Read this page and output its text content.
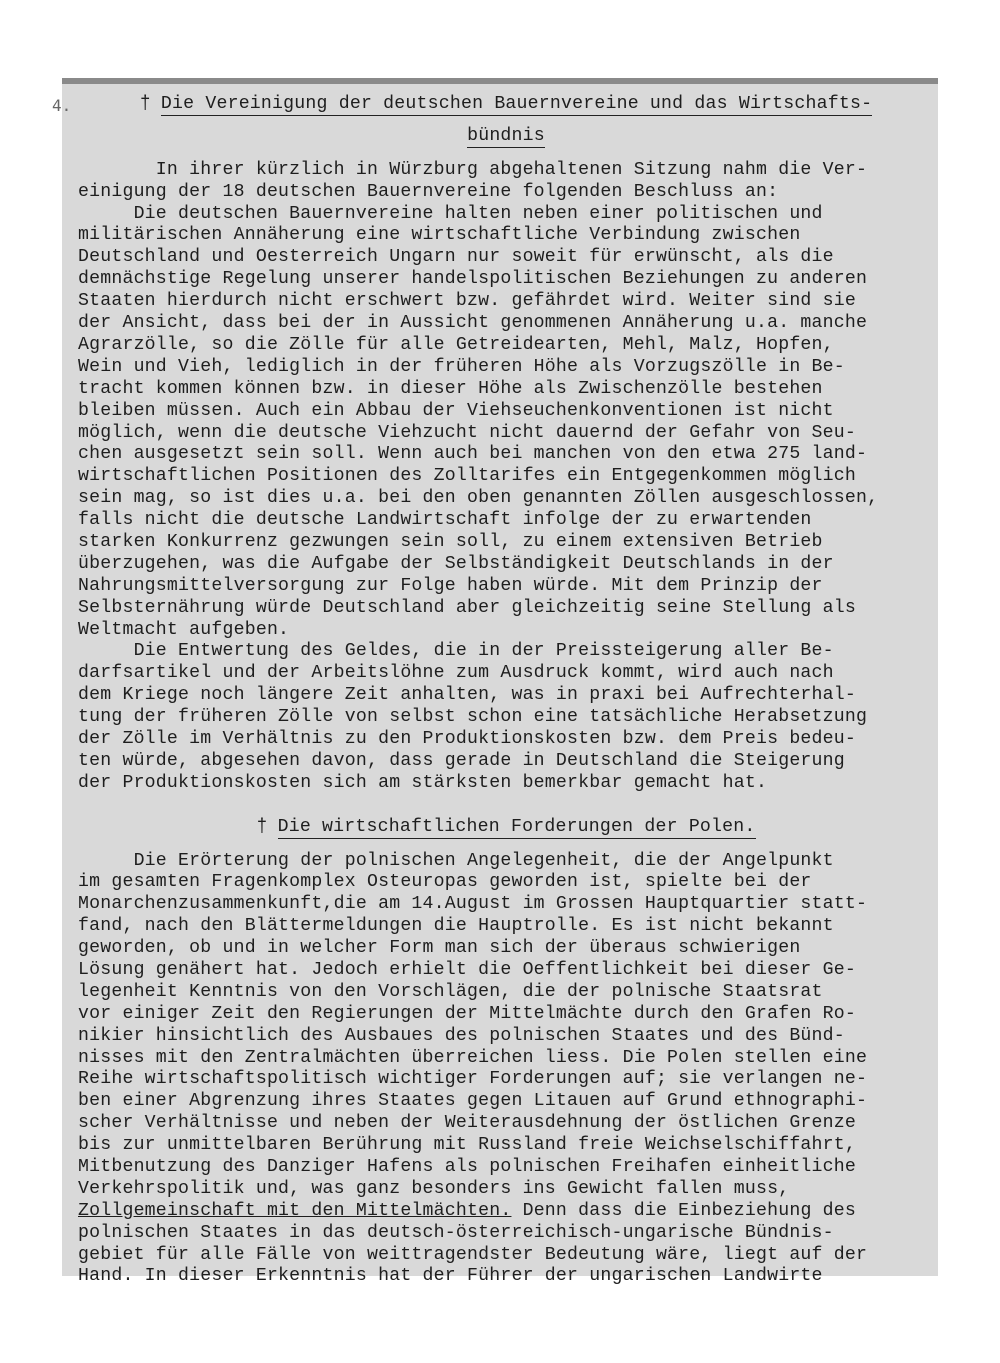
4.	† Die Vereinigung der deutschen Bauernvereine und das Wirtschafts-
bündnis
In ihrer kürzlich in Würzburg abgehaltenen Sitzung nahm die Ver-
einigung der 18 deutschen Bauernvereine folgenden Beschluss an:
Die deutschen Bauernvereine halten neben einer politischen und
militärischen Annäherung eine wirtschaftliche Verbindung zwischen
Deutschland und Oesterreich Ungarn nur soweit für erwünscht, als die
demnächstige Regelung unserer handelspolitischen Beziehungen zu anderen
Staaten hierdurch nicht erschwert bzw. gefährdet wird. Weiter sind sie
der Ansicht, dass bei der in Aussicht genommenen Annäherung u.a. manche
Agrarzölle, so die Zölle für alle Getreidearten, Mehl, Malz, Hopfen,
Wein und Vieh, lediglich in der früheren Höhe als Vorzugszölle in Be-
tracht kommen können bzw. in dieser Höhe als Zwischenzölle bestehen
bleiben müssen. Auch ein Abbau der Viehseuchenkonventionen ist nicht
möglich, wenn die deutsche Viehzucht nicht dauernd der Gefahr von Seu-
chen ausgesetzt sein soll. Wenn auch bei manchen von den etwa 275 land-
wirtschaftlichen Positionen des Zolltarifes ein Entgegenkommen möglich
sein mag, so ist dies u.a. bei den oben genannten Zöllen ausgeschlossen,
falls nicht die deutsche Landwirtschaft infolge der zu erwartenden
starken Konkurrenz gezwungen sein soll, zu einem extensiven Betrieb
überzugehen, was die Aufgabe der Selbständigkeit Deutschlands in der
Nahrungsmittelversorgung zur Folge haben würde. Mit dem Prinzip der
Selbsternährung würde Deutschland aber gleichzeitig seine Stellung als
Weltmacht aufgeben.
Die Entwertung des Geldes, die in der Preissteigerung aller Be-
darfsartikel und der Arbeitslöhne zum Ausdruck kommt, wird auch nach
dem Kriege noch längere Zeit anhalten, was in praxi bei Aufrechterhal-
tung der früheren Zölle von selbst schon eine tatsächliche Herabsetzung
der Zölle im Verhältnis zu den Produktionskosten bzw. dem Preis bedeu-
ten würde, abgesehen davon, dass gerade in Deutschland die Steigerung
der Produktionskosten sich am stärksten bemerkbar gemacht hat.
† Die wirtschaftlichen Forderungen der Polen.
Die Erörterung der polnischen Angelegenheit, die der Angelpunkt
im gesamten Fragenkomplex Osteuropas geworden ist, spielte bei der
Monarchenzusammenkunft,die am 14.August im Grossen Hauptquartier statt-
fand, nach den Blättermeldungen die Hauptrolle. Es ist nicht bekannt
geworden, ob und in welcher Form man sich der überaus schwierigen
Lösung genähert hat. Jedoch erhielt die Oeffentlichkeit bei dieser Ge-
legenheit Kenntnis von den Vorschlägen, die der polnische Staatsrat
vor einiger Zeit den Regierungen der Mittelmächte durch den Grafen Ro-
nikier hinsichtlich des Ausbaues des polnischen Staates und des Bünd-
nisses mit den Zentralmächten überreichen liess. Die Polen stellen eine
Reihe wirtschaftspolitisch wichtiger Forderungen auf; sie verlangen ne-
ben einer Abgrenzung ihres Staates gegen Litauen auf Grund ethnographi-
scher Verhältnisse und neben der Weiterausdehnung der östlichen Grenze
bis zur unmittelbaren Berührung mit Russland freie Weichselschiffahrt,
Mitbenutzung des Danziger Hafens als polnischen Freihafen einheitliche
Verkehrspolitik und, was ganz besonders ins Gewicht fallen muss,
Zollgemeinschaft mit den Mittelmächten. Denn dass die Einbeziehung des
polnischen Staates in das deutsch-österreichisch-ungarische Bündnis-
gebiet für alle Fälle von weittragendster Bedeutung wäre, liegt auf der
Hand. In dieser Erkenntnis hat der Führer der ungarischen Landwirte
